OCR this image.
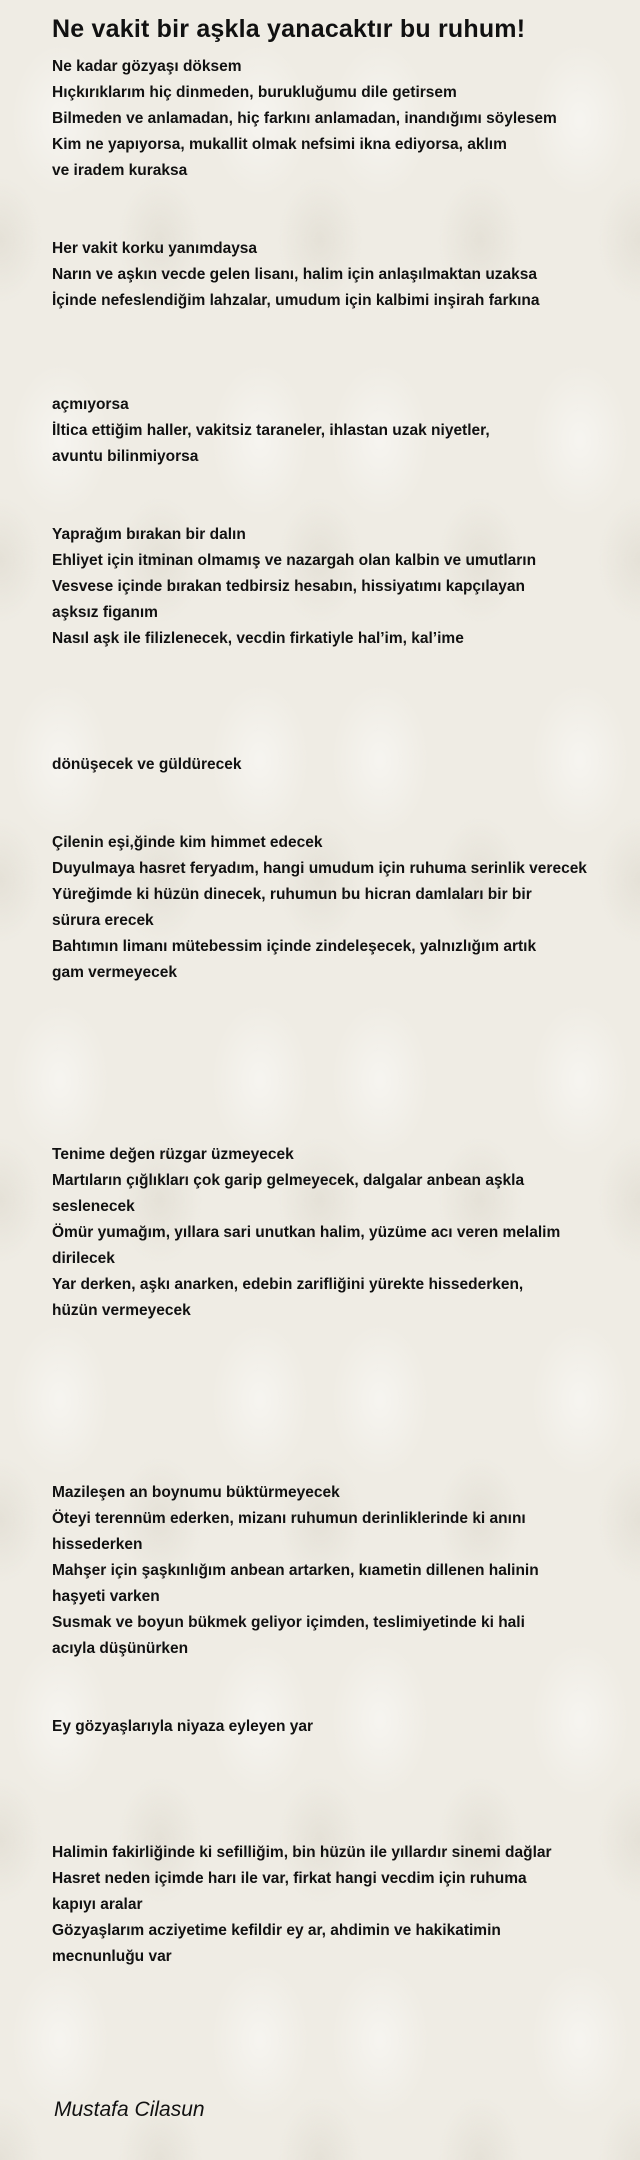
Ne vakit bir aşkla yanacaktır bu ruhum!

Ne kadar gözyaşı döksem

Hıçkırıklarım hiç dinmeden, burukluğumu dile getirsem

Bilmeden ve anlamadan, hiç farkını anlamadan, inandığımı söylesem

Kim ne yapıyorsa, mukallit olmak nefsimi ikna ediyorsa, aklım

ve iradem kuraksa

Her vakit korku yanımdaysa

Narın ve aşkın vecde gelen lisanı, halim için anlaşılmaktan uzaksa

İçinde nefeslendiğim lahzalar, umudum için kalbimi inşirah farkına

açmıyorsa

İltica ettiğim haller, vakitsiz taraneler, ihlastan uzak niyetler,

avuntu bilinmiyorsa

Yaprağım bırakan bir dalın

Ehliyet için itminan olmamış ve nazargah olan kalbin ve umutların

Vesvese içinde bırakan tedbirsiz hesabın, hissiyatımı kapçılayan

aşksız figanım

Nasıl aşk ile filizlenecek, vecdin firkatiyle hal’im, kal’ime

dönüşecek ve güldürecek

Çilenin eşi,ğinde kim himmet edecek

Duyulmaya hasret feryadım, hangi umudum için ruhuma serinlik verecek

Yüreğimde ki hüzün dinecek, ruhumun bu hicran damlaları bir bir

sürura erecek

Bahtımın limanı mütebessim içinde zindeleşecek, yalnızlığım artık

gam vermeyecek

Tenime değen rüzgar üzmeyecek

Martıların çığlıkları çok garip gelmeyecek, dalgalar anbean aşkla

seslenecek

Ömür yumağım, yıllara sari unutkan halim, yüzüme acı veren melalim

dirilecek

Yar derken, aşkı anarken, edebin zarifliğini yürekte hissederken,

hüzün vermeyecek

Mazileşen an boynumu büktürmeyecek

Öteyi terennüm ederken, mizanı ruhumun derinliklerinde ki anını

hissederken

Mahşer için şaşkınlığım anbean artarken, kıametin dillenen halinin

haşyeti varken

Susmak ve boyun bükmek geliyor içimden, teslimiyetinde ki hali

acıyla düşünürken

Ey gözyaşlarıyla niyaza eyleyen yar

Halimin fakirliğinde ki sefilliğim, bin hüzün ile yıllardır sinemi dağlar

Hasret neden içimde harı ile var, firkat hangi vecdim için ruhuma

kapıyı aralar

Gözyaşlarım acziyetime kefildir ey ar, ahdimin ve hakikatimin

mecnunluğu var

Mustafa Cilasun
